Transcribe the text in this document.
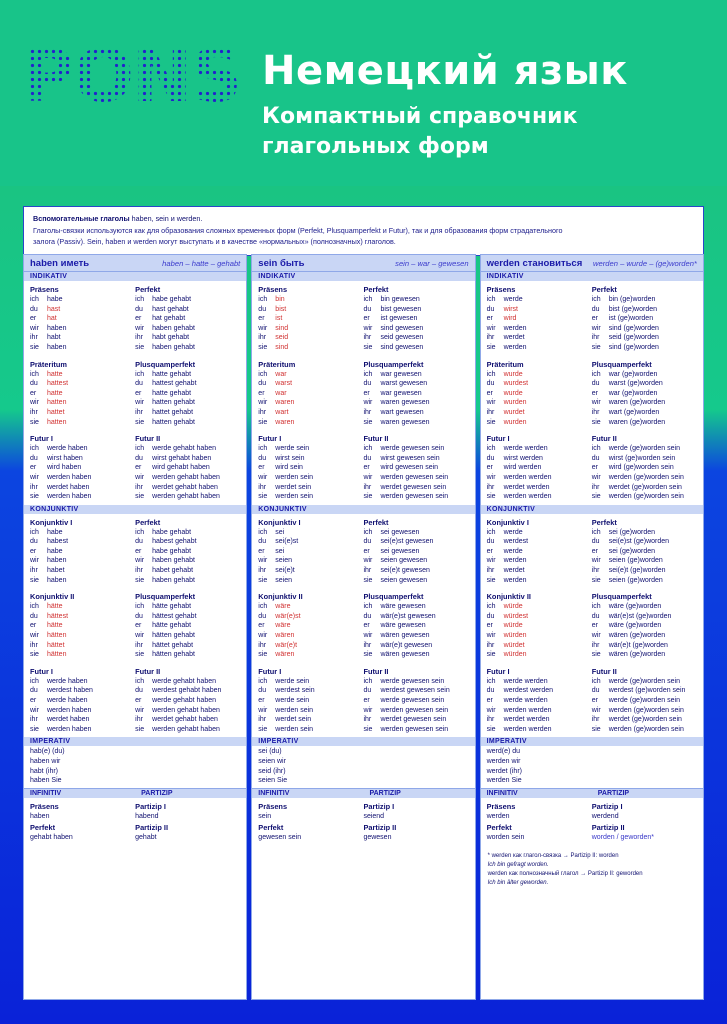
PONS Немецкий язык
Компактный справочник
глагольных форм
Вспомогательные глаголы haben, sein и werden.
Глаголы-связки используются как для образования сложных временных форм (Perfekt, Plusquamperfekt и Futur), так и для образования форм страдательного
залога (Passiv). Sein, haben и werden могут выступать и в качестве «нормальных» (полнозначных) глаголов.
haben иметь	haben – hatte – gehabt
INDIKATIV
Präsens
ich habe
du hast
er hat
wir haben
ihr habt
sie haben
Perfekt
ich habe gehabt
du hast gehabt
er hat gehabt
wir haben gehabt
ihr habt gehabt
sie haben gehabt
Präteritum
ich hatte
du hattest
er hatte
wir hatten
ihr hattet
sie hatten
Plusquamperfekt
ich hatte gehabt
du hattest gehabt
er hatte gehabt
wir hatten gehabt
ihr hattet gehabt
sie hatten gehabt
Futur I
ich werde haben
du wirst haben
er wird haben
wir werden haben
ihr werdet haben
sie werden haben
Futur II
ich werde gehabt haben
du wirst gehabt haben
er wird gehabt haben
wir werden gehabt haben
ihr werdet gehabt haben
sie werden gehabt haben
KONJUNKTIV
Konjunktiv I
ich habe
du habest
er habe
wir haben
ihr habet
sie haben
Perfekt
ich habe gehabt
du habest gehabt
er habe gehabt
wir haben gehabt
ihr habet gehabt
sie haben gehabt
Konjunktiv II
ich hätte
du hättest
er hätte
wir hätten
ihr hättet
sie hätten
Plusquamperfekt
ich hätte gehabt
du hättest gehabt
er hätte gehabt
wir hätten gehabt
ihr hättet gehabt
sie hätten gehabt
Futur I
ich werde haben
du werdest haben
er werde haben
wir werden haben
ihr werdet haben
sie werden haben
Futur II
ich werde gehabt haben
du werdest gehabt haben
er werde gehabt haben
wir werden gehabt haben
ihr werdet gehabt haben
sie werden gehabt haben
IMPERATIV
hab(e) (du)
haben wir
habt (ihr)
haben Sie
INFINITIV	PARTIZIP
Präsens
haben
Perfekt
gehabt haben
Partizip I
habend
Partizip II
gehabt
sein быть	sein – war – gewesen
INDIKATIV
Präsens
ich bin
du bist
er ist
wir sind
ihr seid
sie sind
Perfekt
ich bin gewesen
du bist gewesen
er ist gewesen
wir sind gewesen
ihr seid gewesen
sie sind gewesen
Präteritum
ich war
du warst
er war
wir waren
ihr wart
sie waren
Plusquamperfekt
ich war gewesen
du warst gewesen
er war gewesen
wir waren gewesen
ihr wart gewesen
sie waren gewesen
Futur I
ich werde sein
du wirst sein
er wird sein
wir werden sein
ihr werdet sein
sie werden sein
Futur II
ich werde gewesen sein
du wirst gewesen sein
er wird gewesen sein
wir werden gewesen sein
ihr werdet gewesen sein
sie werden gewesen sein
KONJUNKTIV
Konjunktiv I
ich sei
du sei(e)st
er sei
wir seien
ihr sei(e)t
sie seien
Perfekt
ich sei gewesen
du sei(e)st gewesen
er sei gewesen
wir seien gewesen
ihr sei(e)t gewesen
sie seien gewesen
Konjunktiv II
ich wäre
du wär(e)st
er wäre
wir wären
ihr wär(e)t
sie wären
Plusquamperfekt
ich wäre gewesen
du wär(e)st gewesen
er wäre gewesen
wir wären gewesen
ihr wär(e)t gewesen
sie wären gewesen
Futur I
ich werde sein
du werdest sein
er werde sein
wir werden sein
ihr werdet sein
sie werden sein
Futur II
ich werde gewesen sein
du werdest gewesen sein
er werde gewesen sein
wir werden gewesen sein
ihr werdet gewesen sein
sie werden gewesen sein
IMPERATIV
sei (du)
seien wir
seid (ihr)
seien Sie
INFINITIV	PARTIZIP
Präsens
sein
Perfekt
gewesen sein
Partizip I
seiend
Partizip II
gewesen
werden становиться werden – wurde – (ge)worden*
INDIKATIV
Präsens
ich werde
du wirst
er wird
wir werden
ihr werdet
sie werden
Perfekt
ich bin (ge)worden
du bist (ge)worden
er ist (ge)worden
wir sind (ge)worden
ihr seid (ge)worden
sie sind (ge)worden
Präteritum
ich wurde
du wurdest
er wurde
wir wurden
ihr wurdet
sie wurden
Plusquamperfekt
ich war (ge)worden
du warst (ge)worden
er war (ge)worden
wir waren (ge)worden
ihr wart (ge)worden
sie waren (ge)worden
Futur I
ich werde werden
du wirst werden
er wird werden
wir werden werden
ihr werdet werden
sie werden werden
Futur II
ich werde (ge)worden sein
du wirst (ge)worden sein
er wird (ge)worden sein
wir werden (ge)worden sein
ihr werdet (ge)worden sein
sie werden (ge)worden sein
KONJUNKTIV
Konjunktiv I
ich werde
du werdest
er werde
wir werden
ihr werdet
sie werden
Perfekt
ich sei (ge)worden
du sei(e)st (ge)worden
er sei (ge)worden
wir seien (ge)worden
ihr sei(e)t (ge)worden
sie seien (ge)worden
Konjunktiv II
ich würde
du würdest
er würde
wir würden
ihr würdet
sie würden
Plusquamperfekt
ich wäre (ge)worden
du wär(e)st (ge)worden
er wäre (ge)worden
wir wären (ge)worden
ihr wär(e)t (ge)worden
sie wären (ge)worden
Futur I
ich werde werden
du werdest werden
er werde werden
wir werden werden
ihr werdet werden
sie werden werden
Futur II
ich werde (ge)worden sein
du werdest (ge)worden sein
er werde (ge)worden sein
wir werden (ge)worden sein
ihr werdet (ge)worden sein
sie werden (ge)worden sein
IMPERATIV
werd(e) du
werden wir
werdet (ihr)
werden Sie
INFINITIV	PARTIZIP
Präsens
werden
Perfekt
worden sein
Partizip I
werdend
Partizip II
worden / geworden*
* werden как глагол-связка → Partizip II: worden
Ich bin gefragt worden.
werden как полнозначный глагол → Partizip II: geworden
Ich bin älter geworden.
